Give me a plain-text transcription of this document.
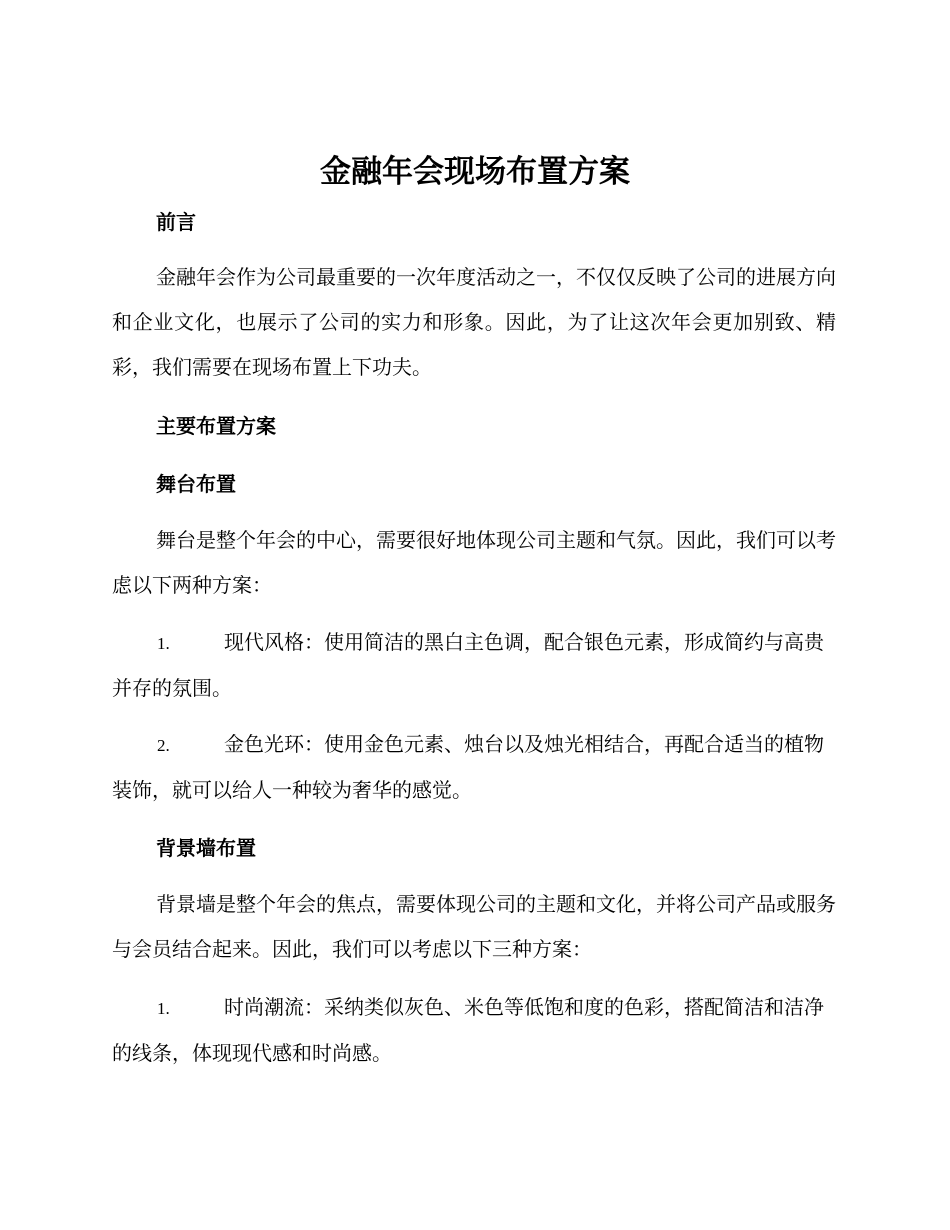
金融年会现场布置方案
前言

金融年会作为公司最重要的一次年度活动之一，不仅仅反映了公司的进展方向和企业文化，也展示了公司的实力和形象。因此，为了让这次年会更加别致、精彩，我们需要在现场布置上下功夫。

主要布置方案
舞台布置

舞台是整个年会的中心，需要很好地体现公司主题和气氛。因此，我们可以考虑以下两种方案：

1.	现代风格：使用简洁的黑白主色调，配合银色元素，形成简约与高贵并存的氛围。

2.	金色光环：使用金色元素、烛台以及烛光相结合，再配合适当的植物装饰，就可以给人一种较为奢华的感觉。

背景墙布置

背景墙是整个年会的焦点，需要体现公司的主题和文化，并将公司产品或服务与会员结合起来。因此，我们可以考虑以下三种方案：

1.	时尚潮流：采纳类似灰色、米色等低饱和度的色彩，搭配简洁和洁净的线条，体现现代感和时尚感。
